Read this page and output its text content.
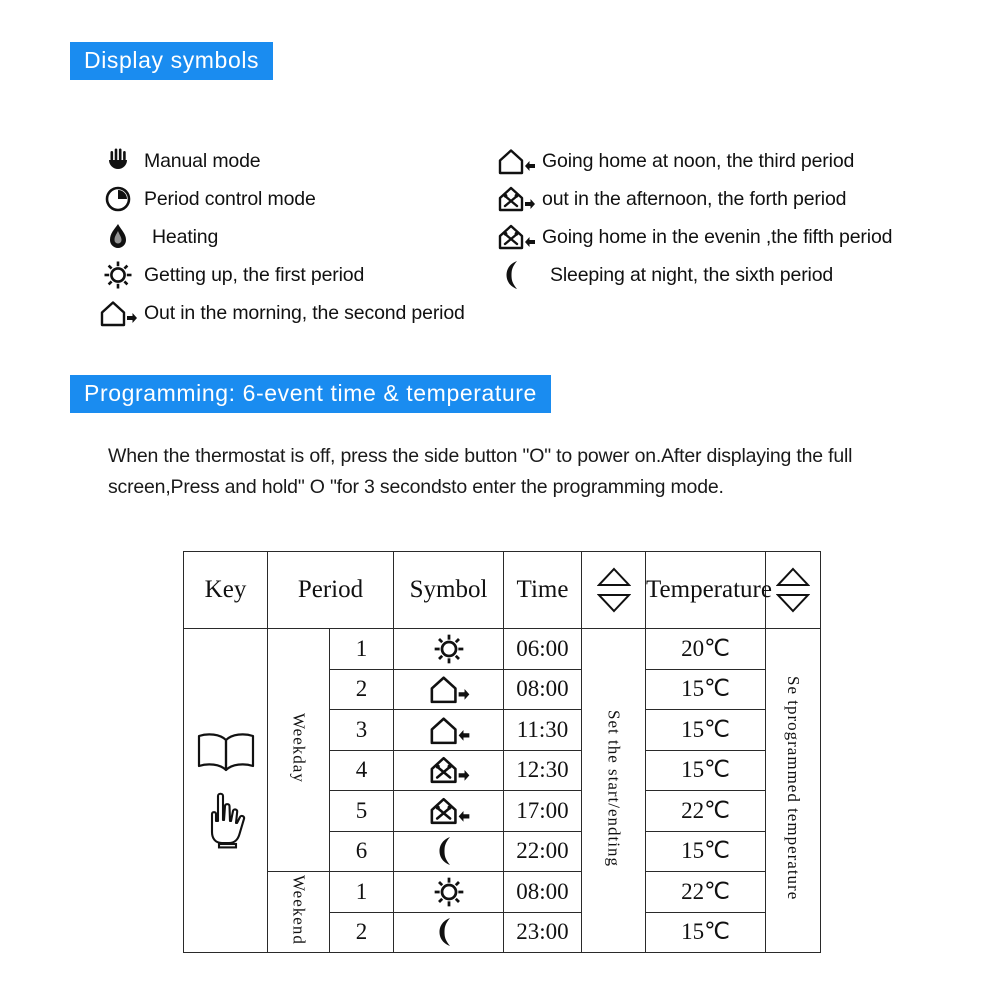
Display symbols
Programming: 6-event time & temperature
Manual mode
Period control mode
Heating
Getting up, the first period
Out in the morning, the second period
Going home at noon, the third period
out in the afternoon, the forth period
Going home in the evenin ,the fifth period
Sleeping at night, the sixth period
When the thermostat is off, press the side button "O" to power on.After displaying the full screen,Press and hold" O "for 3 secondsto enter the programming mode.
Key	Period		Symbol	Time		Temperature	

	Weekday	1		06:00	Set the start/endting	20℃	Se tprogrammed temperature
		2		08:00		15℃	
		3		11:30		15℃	
		4		12:30		15℃	
		5		17:00		22℃	
		6		22:00		15℃	
	Weekend	1		08:00		22℃	
		2		23:00		15℃	
